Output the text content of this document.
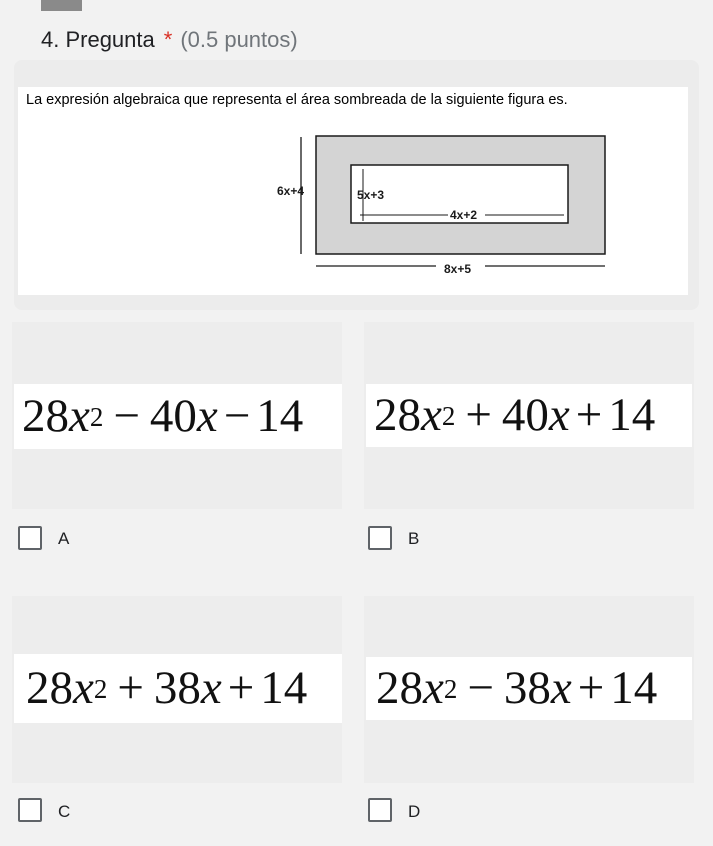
4. Pregunta * (0.5 puntos)
La expresión algebraica que representa el área sombreada de la siguiente figura es.
6x+4	5x+3
4x+2
8x+5
28 x 2 − 40 x − 14 28 x 2 + 40 x + 14
28 x 2 + 38 x + 14 28 x 2 − 38 x + 14
A	B
C	D
